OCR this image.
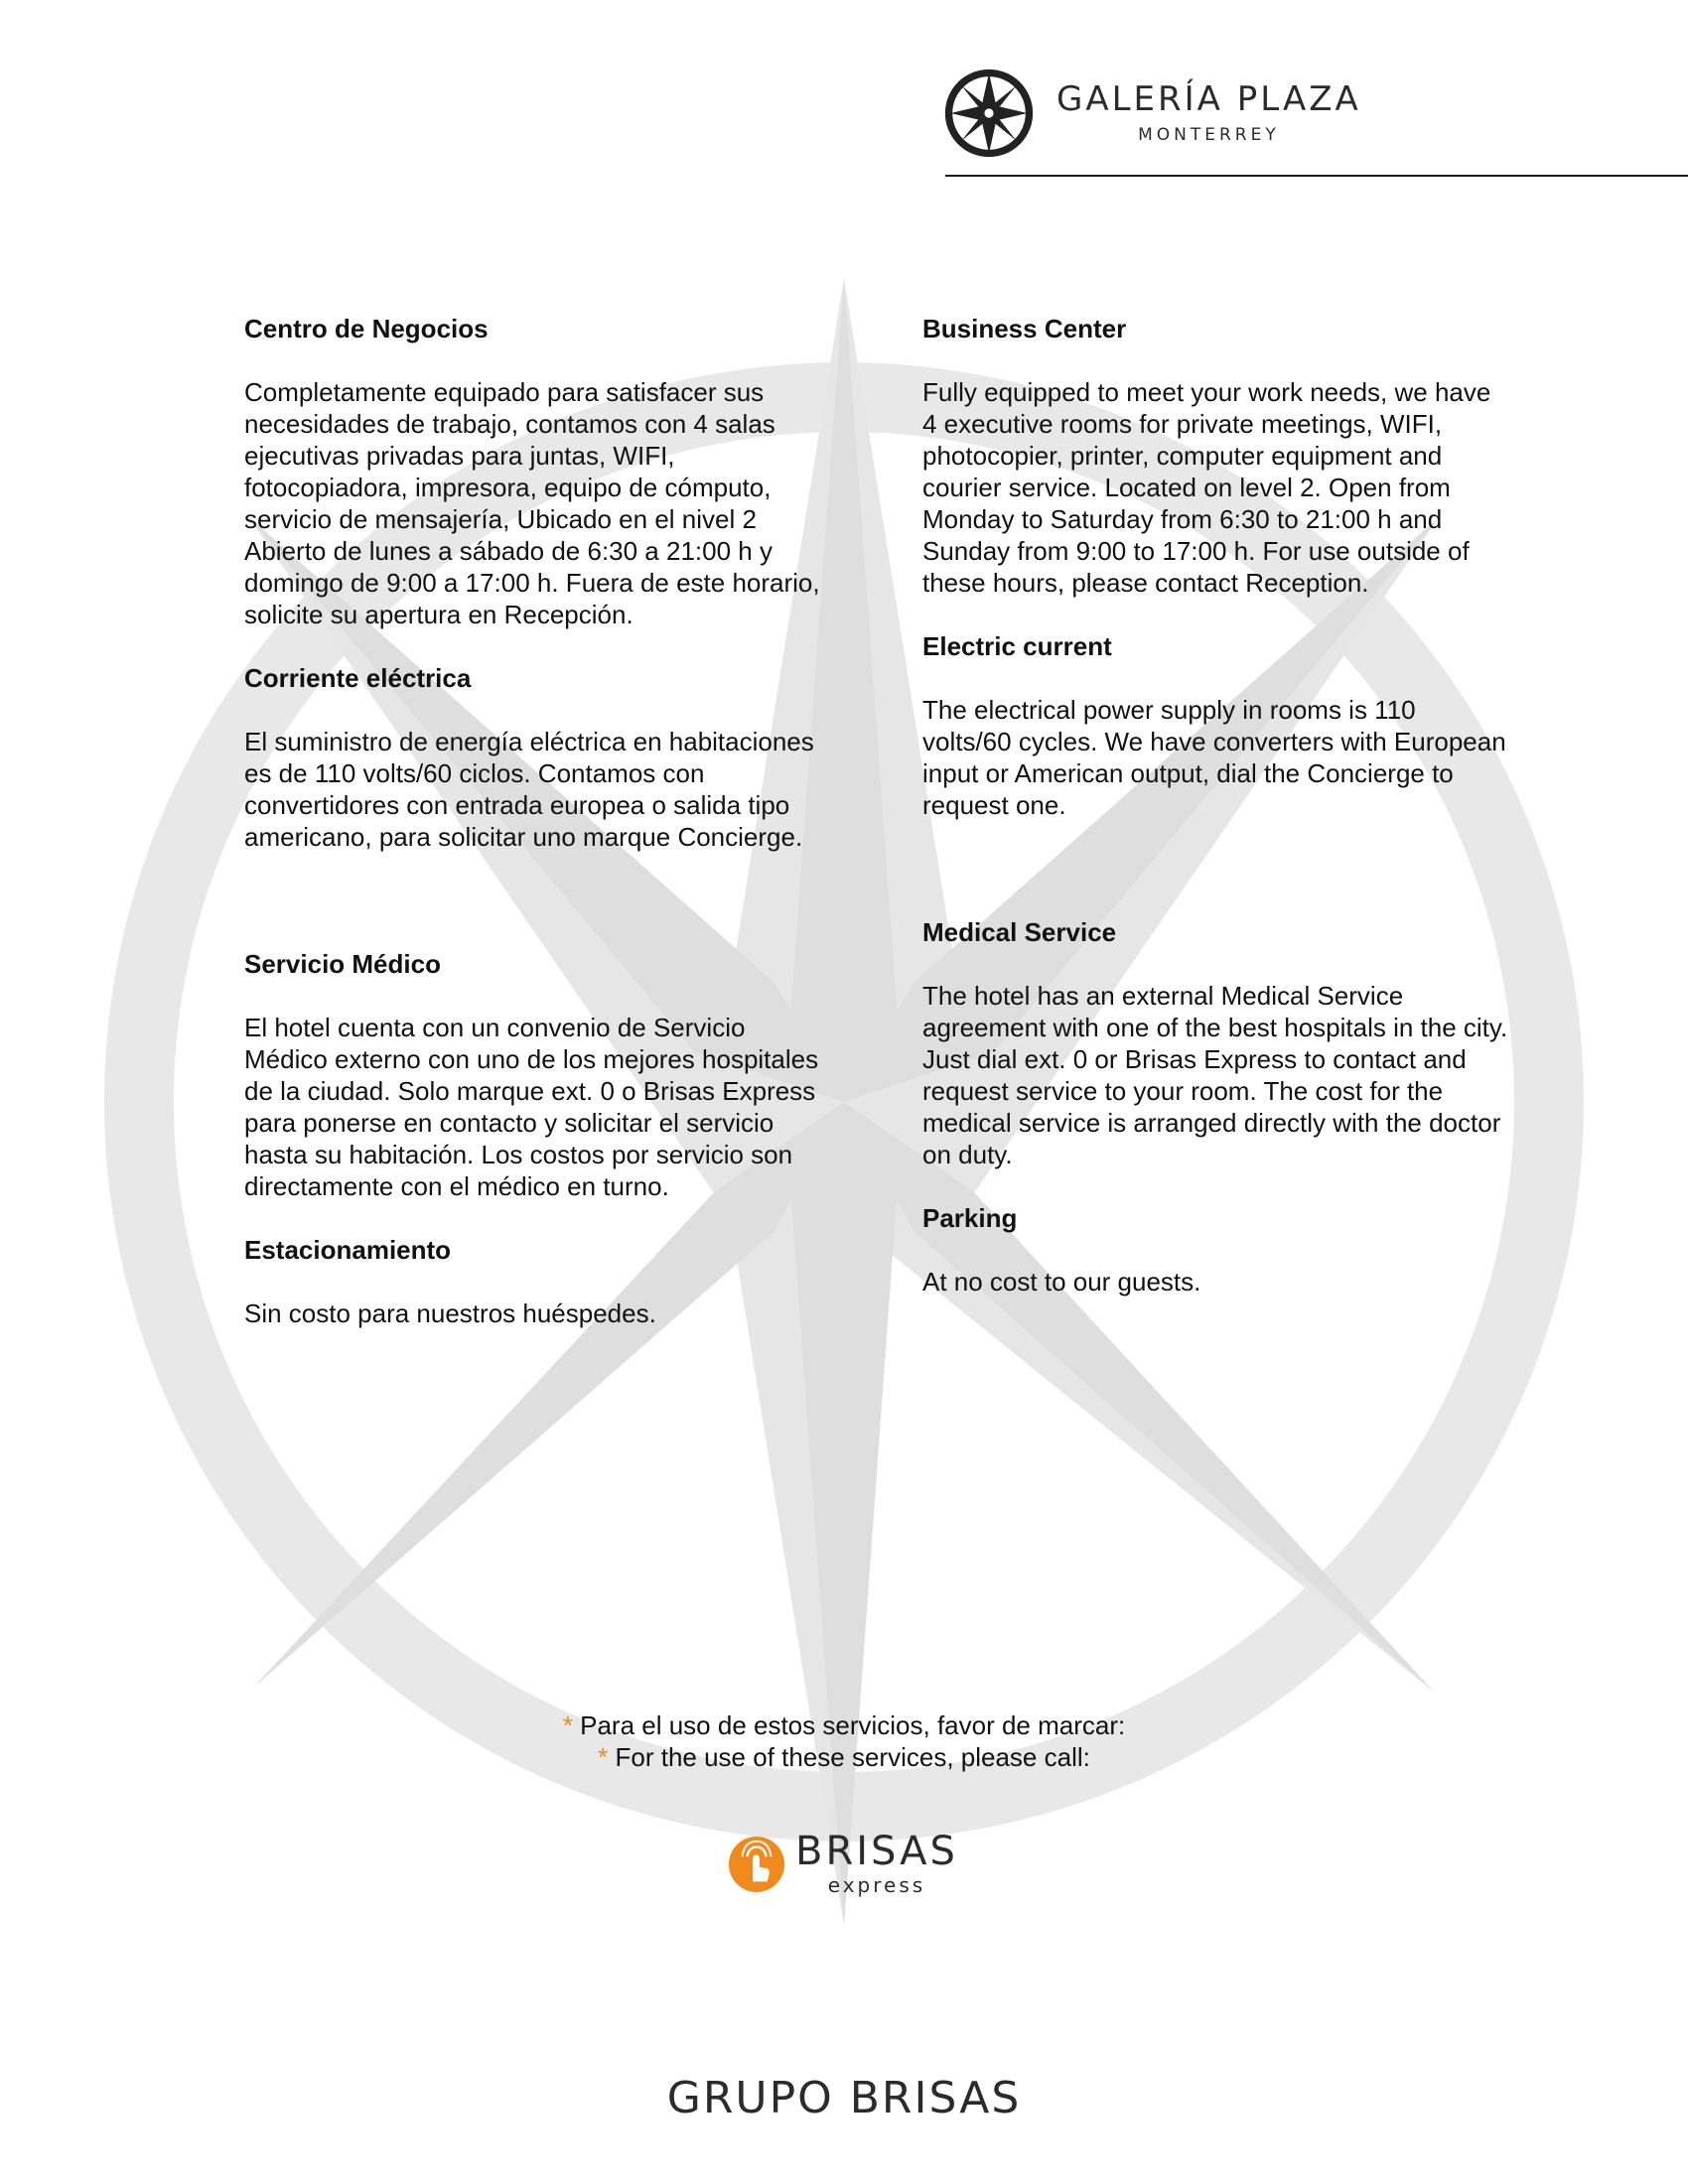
GALERÍA PLAZA
MONTERREY
Centro de Negocios

Completamente equipado para satisfacer sus necesidades de trabajo, contamos con 4 salas ejecutivas privadas para juntas, WIFI, fotocopiadora, impresora, equipo de cómputo, servicio de mensajería, Ubicado en el nivel 2 Abierto de lunes a sábado de 6:30 a 21:00 h y domingo de 9:00 a 17:00 h. Fuera de este horario, solicite su apertura en Recepción.

Corriente eléctrica

El suministro de energía eléctrica en habitaciones es de 110 volts/60 ciclos. Contamos con convertidores con entrada europea o salida tipo americano, para solicitar uno marque Concierge.

Servicio Médico

El hotel cuenta con un convenio de Servicio Médico externo con uno de los mejores hospitales de la ciudad. Solo marque ext. 0 o Brisas Express para ponerse en contacto y solicitar el servicio hasta su habitación. Los costos por servicio son directamente con el médico en turno.

Estacionamiento

Sin costo para nuestros huéspedes.

Business Center

Fully equipped to meet your work needs, we have 4 executive rooms for private meetings, WIFI, photocopier, printer, computer equipment and courier service. Located on level 2. Open from Monday to Saturday from 6:30 to 21:00 h and Sunday from 9:00 to 17:00 h. For use outside of these hours, please contact Reception.

Electric current

The electrical power supply in rooms is 110 volts/60 cycles. We have converters with European input or American output, dial the Concierge to request one.

Medical Service

The hotel has an external Medical Service agreement with one of the best hospitals in the city. Just dial ext. 0 or Brisas Express to contact and request service to your room. The cost for the medical service is arranged directly with the doctor on duty.

Parking

At no cost to our guests.

* Para el uso de estos servicios, favor de marcar:
* For the use of these services, please call:
BRISAS
express
GRUPO BRISAS
